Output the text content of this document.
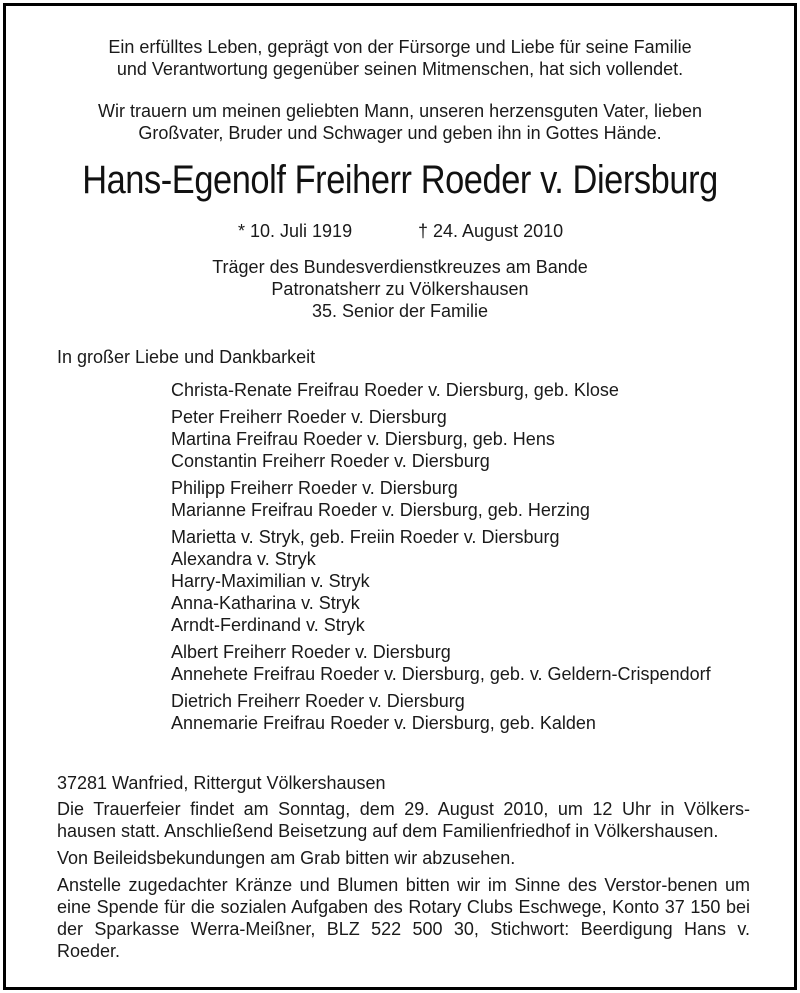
Ein erfülltes Leben, geprägt von der Fürsorge und Liebe für seine Familie
und Verantwortung gegenüber seinen Mitmenschen, hat sich vollendet.
Wir trauern um meinen geliebten Mann, unseren herzensguten Vater, lieben
Großvater, Bruder und Schwager und geben ihn in Gottes Hände.
Hans-Egenolf Freiherr Roeder v. Diersburg
* 10. Juli 1919	† 24. August 2010
Träger des Bundesverdienstkreuzes am Bande
Patronatsherr zu Völkershausen
35. Senior der Familie
In großer Liebe und Dankbarkeit
Christa-Renate Freifrau Roeder v. Diersburg, geb. Klose
Peter Freiherr Roeder v. Diersburg
Martina Freifrau Roeder v. Diersburg, geb. Hens
Constantin Freiherr Roeder v. Diersburg
Philipp Freiherr Roeder v. Diersburg
Marianne Freifrau Roeder v. Diersburg, geb. Herzing
Marietta v. Stryk, geb. Freiin Roeder v. Diersburg
Alexandra v. Stryk
Harry-Maximilian v. Stryk
Anna-Katharina v. Stryk
Arndt-Ferdinand v. Stryk
Albert Freiherr Roeder v. Diersburg
Annehete Freifrau Roeder v. Diersburg, geb. v. Geldern-Crispendorf
Dietrich Freiherr Roeder v. Diersburg
Annemarie Freifrau Roeder v. Diersburg, geb. Kalden

37281 Wanfried, Rittergut Völkershausen

Die Trauerfeier findet am Sonntag, dem 29. August 2010, um 12 Uhr in Völkers-hausen statt. Anschließend Beisetzung auf dem Familienfriedhof in Völkershausen.

Von Beileidsbekundungen am Grab bitten wir abzusehen.

Anstelle zugedachter Kränze und Blumen bitten wir im Sinne des Verstor-benen um eine Spende für die sozialen Aufgaben des Rotary Clubs Eschwege, Konto 37 150 bei der Sparkasse Werra-Meißner, BLZ 522 500 30, Stichwort: Beerdigung Hans v. Roeder.
